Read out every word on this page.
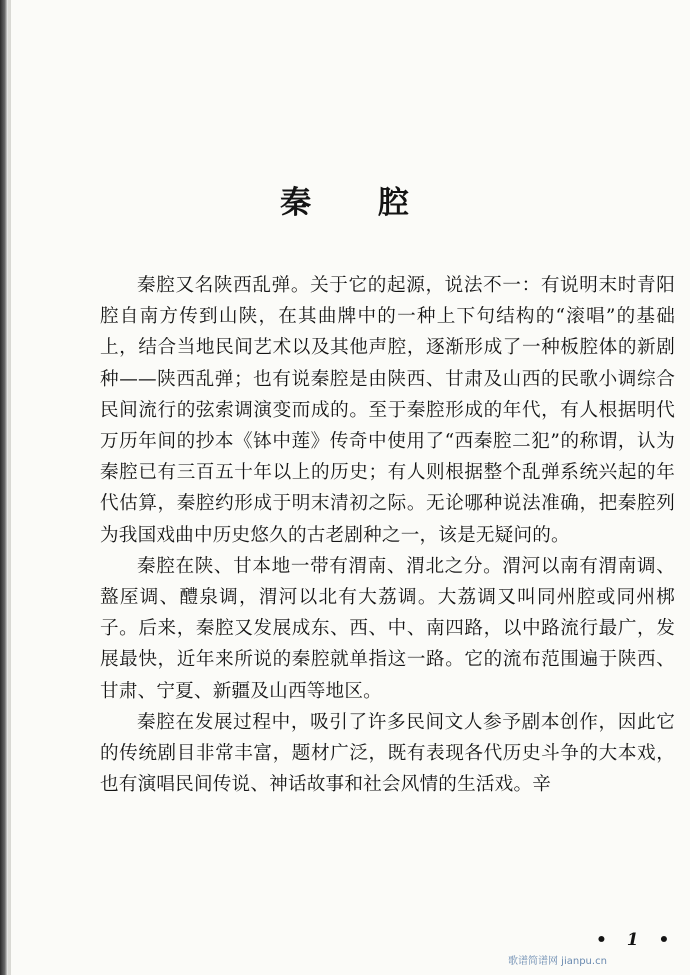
秦 腔

秦腔又名陕西乱弹。关于它的起源，说法不一：有说明末时青阳腔自南方传到山陕，在其曲牌中的一种上下句结构的“滚唱”的基础上，结合当地民间艺术以及其他声腔，逐渐形成了一种板腔体的新剧种——陕西乱弹；也有说秦腔是由陕西、甘肃及山西的民歌小调综合民间流行的弦索调演变而成的。至于秦腔形成的年代，有人根据明代万历年间的抄本《钵中莲》传奇中使用了“西秦腔二犯”的称谓，认为秦腔已有三百五十年以上的历史；有人则根据整个乱弹系统兴起的年代估算，秦腔约形成于明末清初之际。无论哪种说法准确，把秦腔列为我国戏曲中历史悠久的古老剧种之一，该是无疑问的。

秦腔在陕、甘本地一带有渭南、渭北之分。渭河以南有渭南调、盩厔调、醴泉调，渭河以北有大荔调。大荔调又叫同州腔或同州梆子。后来，秦腔又发展成东、西、中、南四路，以中路流行最广，发展最快，近年来所说的秦腔就单指这一路。它的流布范围遍于陕西、甘肃、宁夏、新疆及山西等地区。

秦腔在发展过程中，吸引了许多民间文人参予剧本创作，因此它的传统剧目非常丰富，题材广泛，既有表现各代历史斗争的大本戏，也有演唱民间传说、神话故事和社会风情的生活戏。辛

• 1 •
歌谱简谱网 jianpu.cn
